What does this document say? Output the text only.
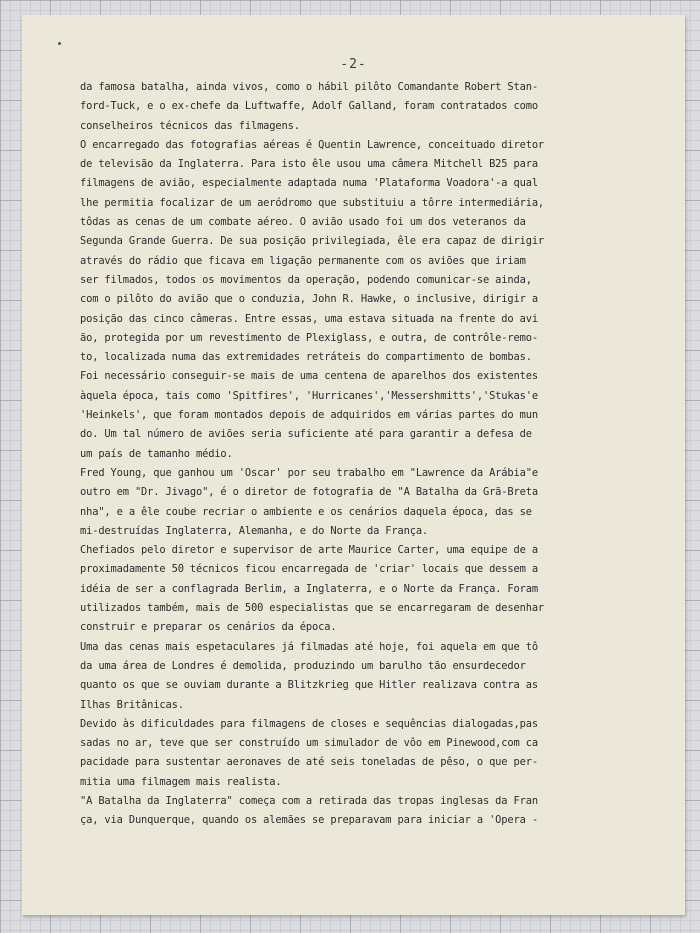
-2-
da famosa batalha, ainda vivos, como o hábil pilôto Comandante Robert Stan-
ford-Tuck, e o ex-chefe da Luftwaffe, Adolf Galland, foram contratados como
conselheiros técnicos das filmagens.
O encarregado das fotografias aéreas é Quentin Lawrence, conceituado diretor
de televisão da Inglaterra. Para isto êle usou uma câmera Mitchell B25 para
filmagens de avião, especialmente adaptada numa 'Plataforma Voadora'-a qual
lhe permitia focalizar de um aeródromo que substituiu a tôrre intermediária,
tôdas as cenas de um combate aéreo. O avião usado foi um dos veteranos da
Segunda Grande Guerra. De sua posição privilegiada, êle era capaz de dirigir
através do rádio que ficava em ligação permanente com os aviões que iriam
ser filmados, todos os movimentos da operação, podendo comunicar-se ainda,
com o pilôto do avião que o conduzia, John R. Hawke, o inclusive, dirigir a
posição das cinco câmeras. Entre essas, uma estava situada na frente do avi
ão, protegida por um revestimento de Plexiglass, e outra, de contrôle-remo-
to, localizada numa das extremidades retráteis do compartimento de bombas.
Foi necessário conseguir-se mais de uma centena de aparelhos dos existentes
àquela época, tais como 'Spitfires', 'Hurricanes','Messershmitts','Stukas'e
'Heinkels', que foram montados depois de adquiridos em várias partes do mun
do. Um tal número de aviões seria suficiente até para garantir a defesa de
um país de tamanho médio.
Fred Young, que ganhou um 'Oscar' por seu trabalho em "Lawrence da Arábia"e
outro em "Dr. Jivago", é o diretor de fotografia de "A Batalha da Grã-Breta
nha", e a êle coube recriar o ambiente e os cenários daquela época, das se
mi-destruídas Inglaterra, Alemanha, e do Norte da França.
Chefiados pelo diretor e supervisor de arte Maurice Carter, uma equipe de a
proximadamente 50 técnicos ficou encarregada de 'criar' locais que dessem a
idéia de ser a conflagrada Berlim, a Inglaterra, e o Norte da França. Foram
utilizados também, mais de 500 especialistas que se encarregaram de desenhar
construir e preparar os cenários da época.
Uma das cenas mais espetaculares já filmadas até hoje, foi aquela em que tô
da uma área de Londres é demolida, produzindo um barulho tão ensurdecedor
quanto os que se ouviam durante a Blitzkrieg que Hitler realizava contra as
Ilhas Britânicas.
Devido às dificuldades para filmagens de closes e sequências dialogadas,pas
sadas no ar, teve que ser construído um simulador de vôo em Pinewood,com ca
pacidade para sustentar aeronaves de até seis toneladas de pêso, o que per-
mitia uma filmagem mais realista.
"A Batalha da Inglaterra" começa com a retirada das tropas inglesas da Fran
ça, via Dunquerque, quando os alemães se preparavam para iniciar a 'Opera -
